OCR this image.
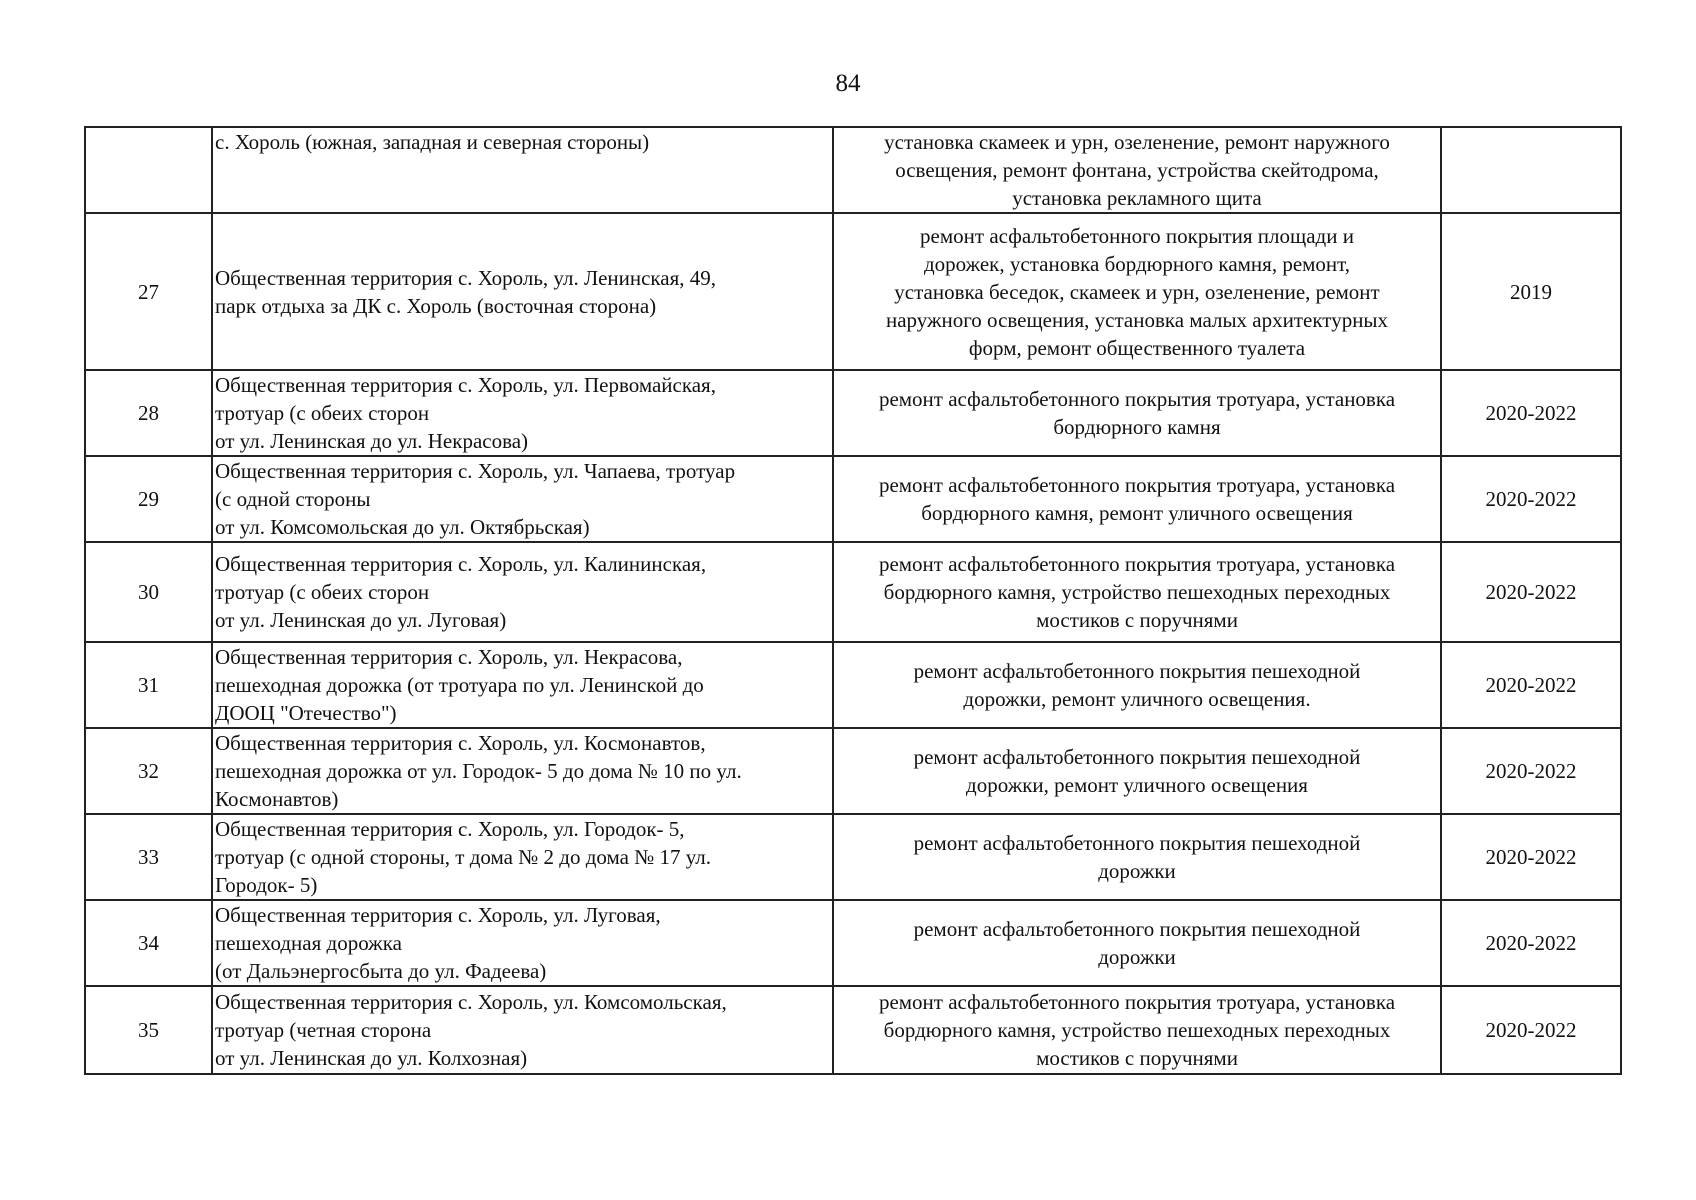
84

	с. Хороль (южная, западная и северная стороны)	установка скамеек и урн, озеленение, ремонт наружного
освещения, ремонт фонтана, устройства скейтодрома,
установка рекламного щита	

27	Общественная территория с. Хороль, ул. Ленинская, 49,
парк отдыха за ДК с. Хороль (восточная сторона)	ремонт асфальтобетонного покрытия площади и
дорожек, установка бордюрного камня, ремонт,
установка беседок, скамеек и урн, озеленение, ремонт
наружного освещения, установка малых архитектурных
форм, ремонт общественного туалета	2019
28	Общественная территория с. Хороль, ул. Первомайская,
тротуар (с обеих сторон
от ул. Ленинская до ул. Некрасова)	ремонт асфальтобетонного покрытия тротуара, установка
бордюрного камня	2020-2022
29	Общественная территория с. Хороль, ул. Чапаева, тротуар
(с одной стороны
от ул. Комсомольская до ул. Октябрьская)	ремонт асфальтобетонного покрытия тротуара, установка
бордюрного камня, ремонт уличного освещения	2020-2022
30	Общественная территория с. Хороль, ул. Калининская,
тротуар (с обеих сторон
от ул. Ленинская до ул. Луговая)	ремонт асфальтобетонного покрытия тротуара, установка
бордюрного камня, устройство пешеходных переходных
мостиков с поручнями	2020-2022
31	Общественная территория с. Хороль, ул. Некрасова,
пешеходная дорожка (от тротуара по ул. Ленинской до
ДООЦ "Отечество")	ремонт асфальтобетонного покрытия пешеходной
дорожки, ремонт уличного освещения.	2020-2022
32	Общественная территория с. Хороль, ул. Космонавтов,
пешеходная дорожка от ул. Городок- 5 до дома № 10 по ул.
Космонавтов)	ремонт асфальтобетонного покрытия пешеходной
дорожки, ремонт уличного освещения	2020-2022
33	Общественная территория с. Хороль, ул. Городок- 5,
тротуар (с одной стороны, т дома № 2 до дома № 17 ул.
Городок- 5)	ремонт асфальтобетонного покрытия пешеходной
дорожки	2020-2022
34	Общественная территория с. Хороль, ул. Луговая,
пешеходная дорожка
(от Дальэнергосбыта до ул. Фадеева)	ремонт асфальтобетонного покрытия пешеходной
дорожки	2020-2022
35	Общественная территория с. Хороль, ул. Комсомольская,
тротуар (четная сторона
от ул. Ленинская до ул. Колхозная)	ремонт асфальтобетонного покрытия тротуара, установка
бордюрного камня, устройство пешеходных переходных
мостиков с поручнями	2020-2022
